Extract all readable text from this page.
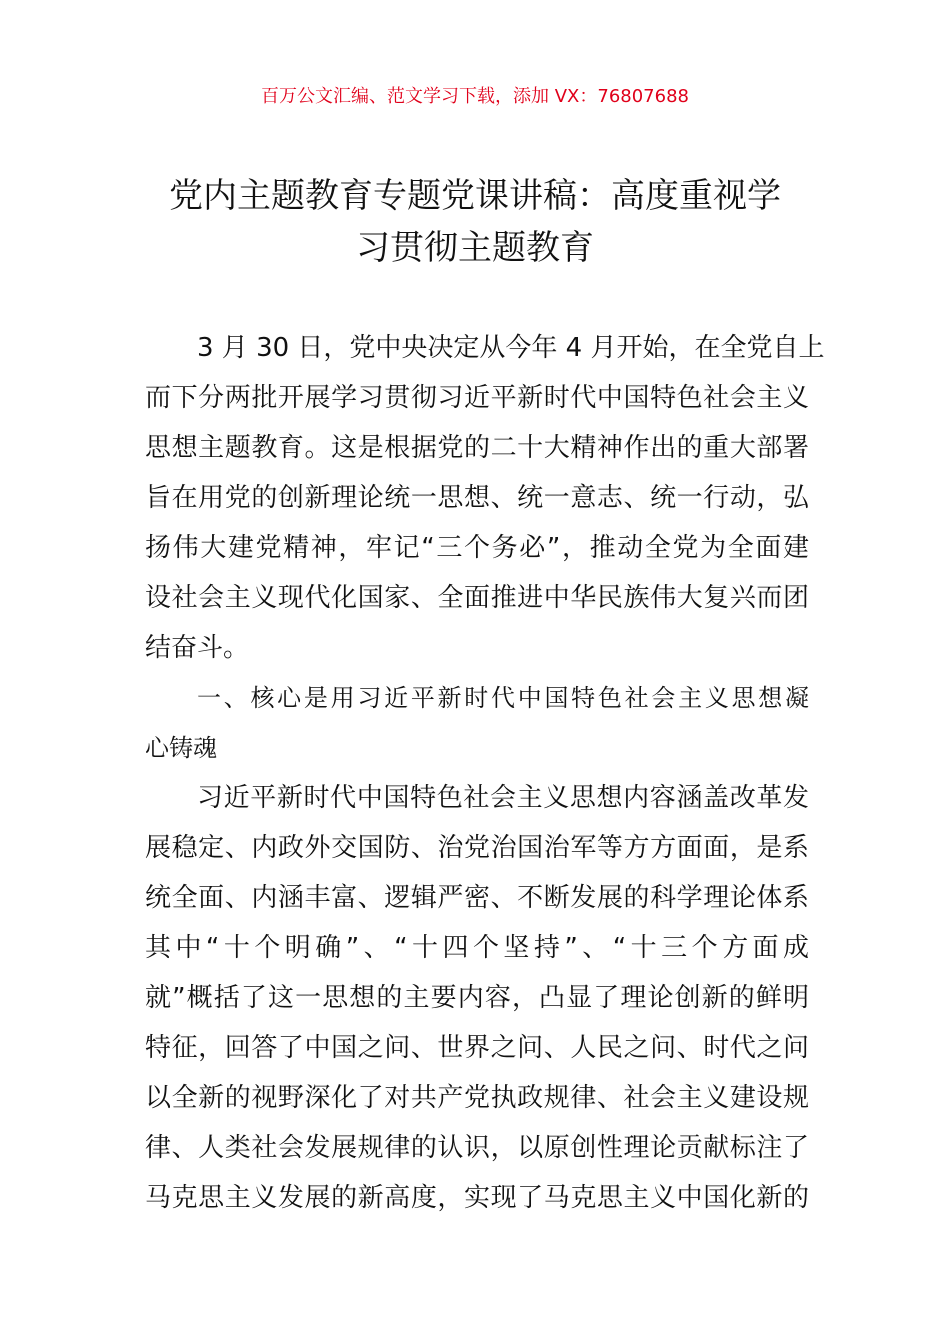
百万公文汇编、范文学习下载，添加 VX：76807688
党内主题教育专题党课讲稿：高度重视学
习贯彻主题教育
3 月 30 日，党中央决定从今年 4 月开始，在全党自上
而下分两批开展学习贯彻习近平新时代中国特色社会主义
思想主题教育。这是根据党的二十大精神作出的重大部署
旨在用党的创新理论统一思想、统一意志、统一行动，弘
扬伟大建党精神，牢记“三个务必”，推动全党为全面建
设社会主义现代化国家、全面推进中华民族伟大复兴而团
结奋斗。
一、核心是用习近平新时代中国特色社会主义思想凝
心铸魂
习近平新时代中国特色社会主义思想内容涵盖改革发
展稳定、内政外交国防、治党治国治军等方方面面，是系
统全面、内涵丰富、逻辑严密、不断发展的科学理论体系
其中“十个明确”、“十四个坚持”、“十三个方面成
就”概括了这一思想的主要内容，凸显了理论创新的鲜明
特征，回答了中国之问、世界之问、人民之问、时代之问
以全新的视野深化了对共产党执政规律、社会主义建设规
律、人类社会发展规律的认识，以原创性理论贡献标注了
马克思主义发展的新高度，实现了马克思主义中国化新的
